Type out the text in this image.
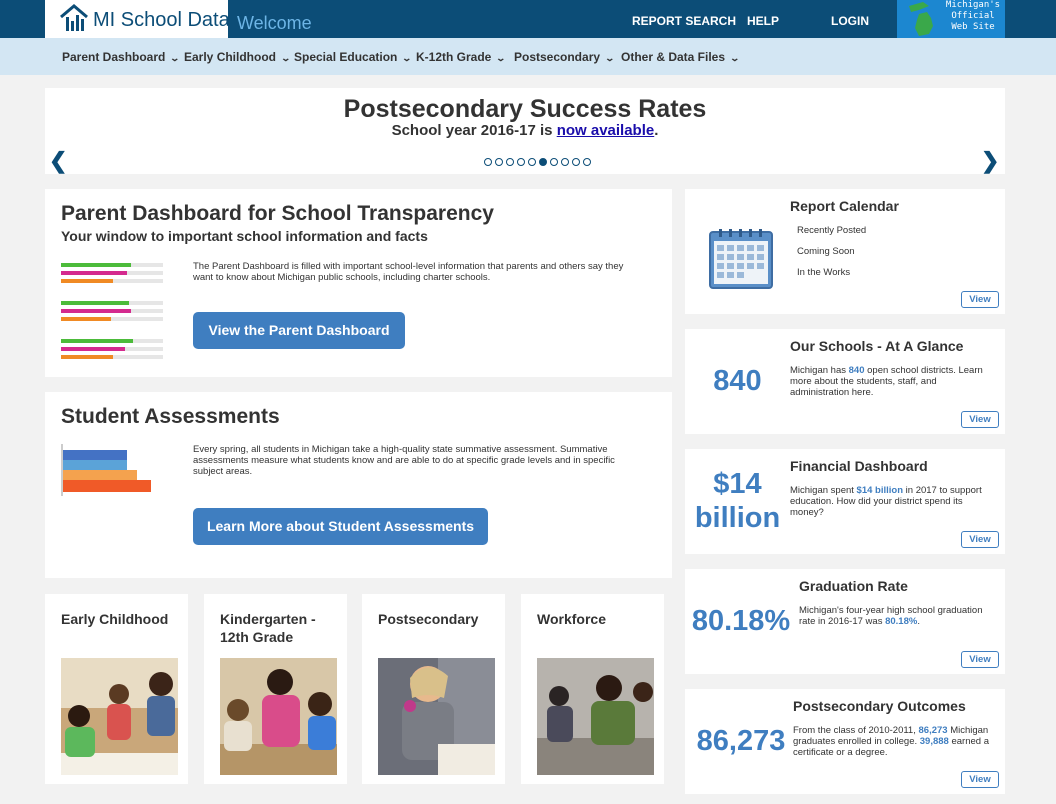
MI School Data Welcome	REPORT SEARCH HELP	LOGIN
Michigan's
Official
Web Site
Parent Dashboard ⌄ Early Childhood ⌄ Special Education ⌄ K-12th Grade ⌄ Postsecondary ⌄ Other & Data Files ⌄
Postsecondary Success Rates
School year 2016-17 is now available.
❮	❯
Parent Dashboard for School Transparency
Your window to important school information and facts
The Parent Dashboard is filled with important school-level information that parents and others say they want to know about Michigan public schools, including charter schools.
View the Parent Dashboard
Student Assessments
Every spring, all students in Michigan take a high-quality state summative assessment. Summative assessments measure what students know and are able to do at specific grade levels and in specific subject areas.
Learn More about Student Assessments
Early Childhood	Kindergarten - 12th Grade
Postsecondary	Workforce
Report Calendar
Recently Posted
Coming Soon
In the Works
View
840
Our Schools - At A Glance
Michigan has 840 open school districts. Learn more about the students, staff, and administration here.
View
$14
billion
Financial Dashboard
Michigan spent $14 billion in 2017 to support education. How did your district spend its money?
View
80.18%
Graduation Rate
Michigan's four-year high school graduation rate in 2016-17 was 80.18%.
View
86,273
Postsecondary Outcomes
From the class of 2010-2011, 86,273 Michigan graduates enrolled in college. 39,888 earned a certificate or a degree.
View
